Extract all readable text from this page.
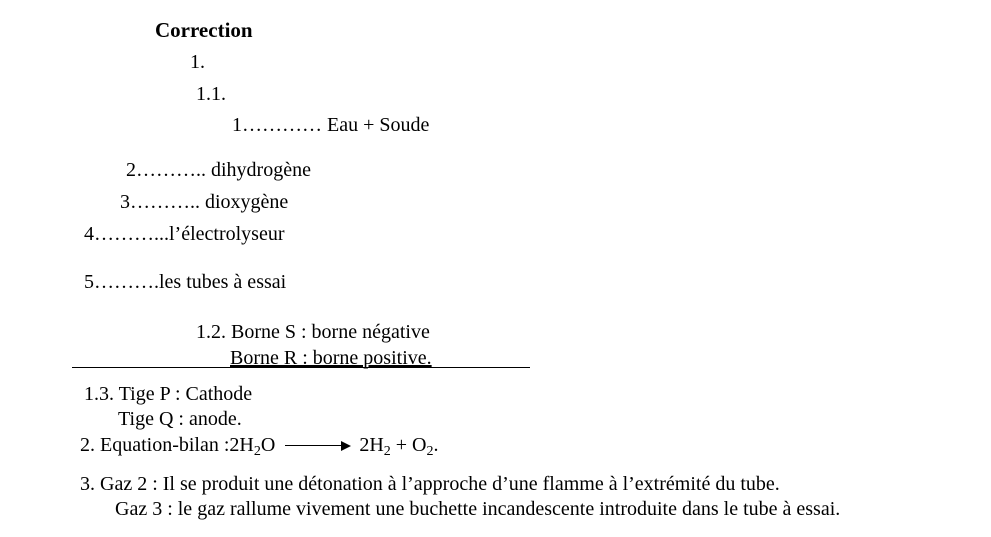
Correction
1.
1.1.
1………… Eau + Soude
2……….. dihydrogène
3……….. dioxygène
4………...l’électrolyseur
5……….les tubes à essai
1.2. Borne S : borne négative
Borne R : borne positive.
1.3. Tige P : Cathode
Tige Q : anode.
2. Equation-bilan $:2H_2O$	$2H_2 + O_2$.
3. Gaz 2 : Il se produit une détonation à l’approche d’une flamme à l’extrémité du tube.
Gaz 3 : le gaz rallume vivement une buchette incandescente introduite dans le tube à essai.
